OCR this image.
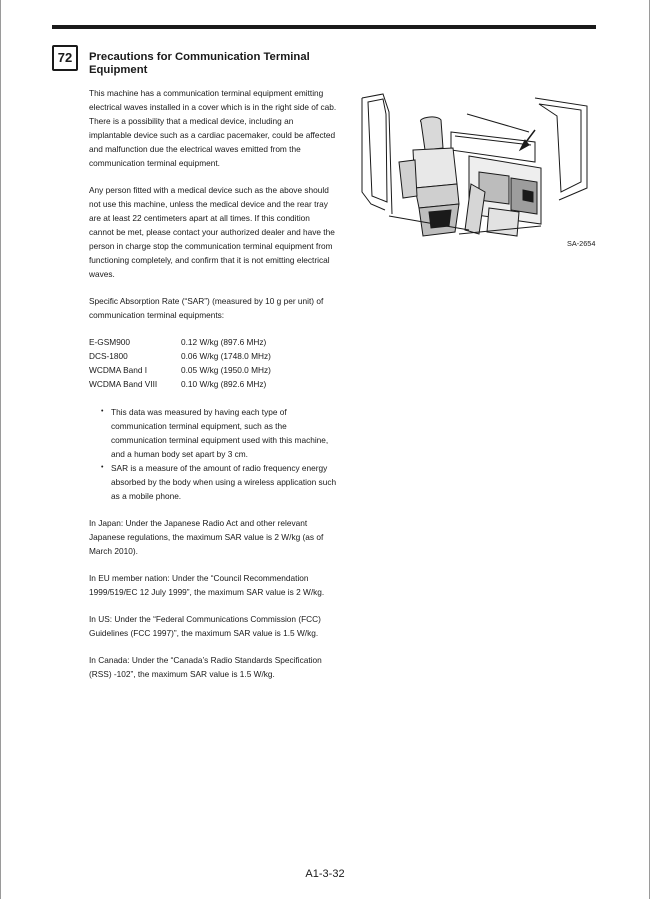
72	Precautions for Communication Terminal Equipment

This machine has a communication terminal equipment emitting electrical waves installed in a cover which is in the right side of cab. There is a possibility that a medical device, including an implantable device such as a cardiac pacemaker, could be affected and malfunction due the electrical waves emitted from the communication terminal equipment.

Any person fitted with a medical device such as the above should not use this machine, unless the medical device and the rear tray are at least 22 centimeters apart at all times. If this condition cannot be met, please contact your authorized dealer and have the person in charge stop the communication terminal equipment from functioning completely, and confirm that it is not emitting electrical waves.

Specific Absorption Rate (“SAR”) (measured by 10 g per unit) of communication terminal equipments:

E-GSM900	0.12 W/kg (897.6 MHz)
DCS-1800	0.06 W/kg (1748.0 MHz)
WCDMA Band I	0.05 W/kg (1950.0 MHz)
WCDMA Band VIII	0.10 W/kg (892.6 MHz)
• This data was measured by having each type of communication terminal equipment, such as the communication terminal equipment used with this machine, and a human body set apart by 3 cm.
• SAR is a measure of the amount of radio frequency energy absorbed by the body when using a wireless application such as a mobile phone.

In Japan: Under the Japanese Radio Act and other relevant Japanese regulations, the maximum SAR value is 2 W/kg (as of March 2010).

In EU member nation: Under the “Council Recommendation 1999/519/EC 12 July 1999”, the maximum SAR value is 2 W/kg.

In US: Under the “Federal Communications Commission (FCC) Guidelines (FCC 1997)”, the maximum SAR value is 1.5 W/kg.

In Canada: Under the “Canada’s Radio Standards Specification (RSS) -102”, the maximum SAR value is 1.5 W/kg.

SA-2654
A1-3-32
